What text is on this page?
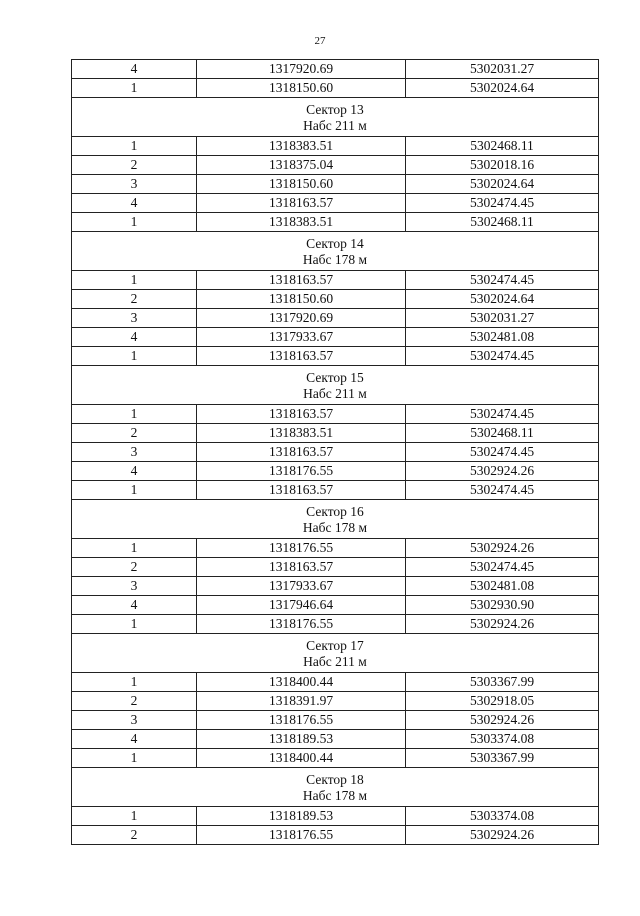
27
4	1317920.69	5302031.27
1	1318150.60	5302024.64

Сектор 13
Набс 211 м		

1	1318383.51	5302468.11
2	1318375.04	5302018.16
3	1318150.60	5302024.64
4	1318163.57	5302474.45
1	1318383.51	5302468.11

Сектор 14
Набс 178 м		

1	1318163.57	5302474.45
2	1318150.60	5302024.64
3	1317920.69	5302031.27
4	1317933.67	5302481.08
1	1318163.57	5302474.45

Сектор 15
Набс 211 м		

1	1318163.57	5302474.45
2	1318383.51	5302468.11
3	1318163.57	5302474.45
4	1318176.55	5302924.26
1	1318163.57	5302474.45

Сектор 16
Набс 178 м		

1	1318176.55	5302924.26
2	1318163.57	5302474.45
3	1317933.67	5302481.08
4	1317946.64	5302930.90
1	1318176.55	5302924.26

Сектор 17
Набс 211 м		

1	1318400.44	5303367.99
2	1318391.97	5302918.05
3	1318176.55	5302924.26
4	1318189.53	5303374.08
1	1318400.44	5303367.99

Сектор 18
Набс 178 м		

1	1318189.53	5303374.08
2	1318176.55	5302924.26
